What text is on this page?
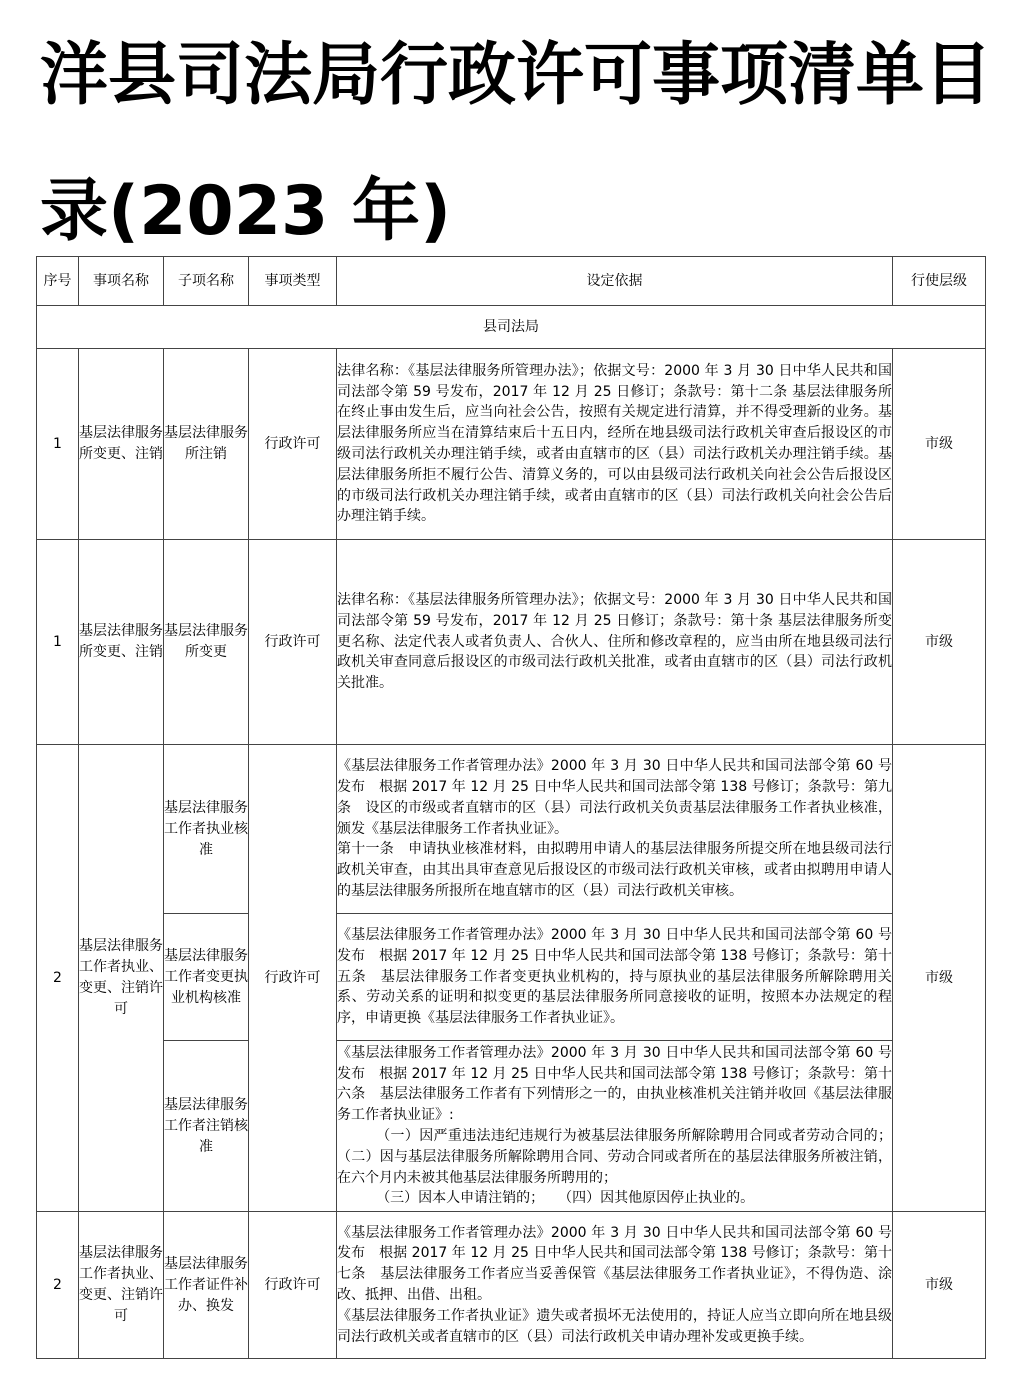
洋县司法局行政许可事项清单目录(2023 年)
序号	事项名称	子项名称	事项类型	设定依据	行使层级
县司法局					
1	基层法律服务所变更、注销	基层法律服务所注销	行政许可	法律名称：《基层法律服务所管理办法》；依据文号：2000 年 3 月 30 日中华人民共和国司法部令第 59 号发布，2017 年 12 月 25 日修订；条款号：第十二条 基层法律服务所在终止事由发生后，应当向社会公告，按照有关规定进行清算，并不得受理新的业务。基层法律服务所应当在清算结束后十五日内，经所在地县级司法行政机关审查后报设区的市级司法行政机关办理注销手续，或者由直辖市的区（县）司法行政机关办理注销手续。基层法律服务所拒不履行公告、清算义务的，可以由县级司法行政机关向社会公告后报设区的市级司法行政机关办理注销手续，或者由直辖市的区（县）司法行政机关向社会公告后办理注销手续。	市级
1	基层法律服务所变更、注销	基层法律服务所变更	行政许可	法律名称：《基层法律服务所管理办法》；依据文号：2000 年 3 月 30 日中华人民共和国司法部令第 59 号发布，2017 年 12 月 25 日修订；条款号：第十条 基层法律服务所变更名称、法定代表人或者负责人、合伙人、住所和修改章程的，应当由所在地县级司法行政机关审查同意后报设区的市级司法行政机关批准，或者由直辖市的区（县）司法行政机关批准。	市级
2	基层法律服务工作者执业、变更、注销许可	基层法律服务工作者执业核准	行政许可	《基层法律服务工作者管理办法》2000 年 3 月 30 日中华人民共和国司法部令第 60 号发布　根据 2017 年 12 月 25 日中华人民共和国司法部令第 138 号修订；条款号：第九条　设区的市级或者直辖市的区（县）司法行政机关负责基层法律服务工作者执业核准，颁发《基层法律服务工作者执业证》。
第十一条　申请执业核准材料，由拟聘用申请人的基层法律服务所提交所在地县级司法行政机关审查，由其出具审查意见后报设区的市级司法行政机关审核，或者由拟聘用申请人的基层法律服务所报所在地直辖市的区（县）司法行政机关审核。	市级
		基层法律服务工作者变更执业机构核准		《基层法律服务工作者管理办法》2000 年 3 月 30 日中华人民共和国司法部令第 60 号发布　根据 2017 年 12 月 25 日中华人民共和国司法部令第 138 号修订；条款号：第十五条　基层法律服务工作者变更执业机构的，持与原执业的基层法律服务所解除聘用关系、劳动关系的证明和拟变更的基层法律服务所同意接收的证明，按照本办法规定的程序，申请更换《基层法律服务工作者执业证》。	
		基层法律服务工作者注销核准		《基层法律服务工作者管理办法》2000 年 3 月 30 日中华人民共和国司法部令第 60 号发布　根据 2017 年 12 月 25 日中华人民共和国司法部令第 138 号修订；条款号：第十六条　基层法律服务工作者有下列情形之一的，由执业核准机关注销并收回《基层法律服务工作者执业证》:
（一）因严重违法违纪违规行为被基层法律服务所解除聘用合同或者劳动合同的；（二）因与基层法律服务所解除聘用合同、劳动合同或者所在的基层法律服务所被注销，在六个月内未被其他基层法律服务所聘用的；
（三）因本人申请注销的；　　（四）因其他原因停止执业的。	

2	基层法律服务工作者执业、变更、注销许可	基层法律服务工作者证件补办、换发	行政许可	《基层法律服务工作者管理办法》2000 年 3 月 30 日中华人民共和国司法部令第 60 号发布　根据 2017 年 12 月 25 日中华人民共和国司法部令第 138 号修订；条款号：第十七条　基层法律服务工作者应当妥善保管《基层法律服务工作者执业证》，不得伪造、涂改、抵押、出借、出租。
《基层法律服务工作者执业证》遗失或者损坏无法使用的，持证人应当立即向所在地县级司法行政机关或者直辖市的区（县）司法行政机关申请办理补发或更换手续。	市级
